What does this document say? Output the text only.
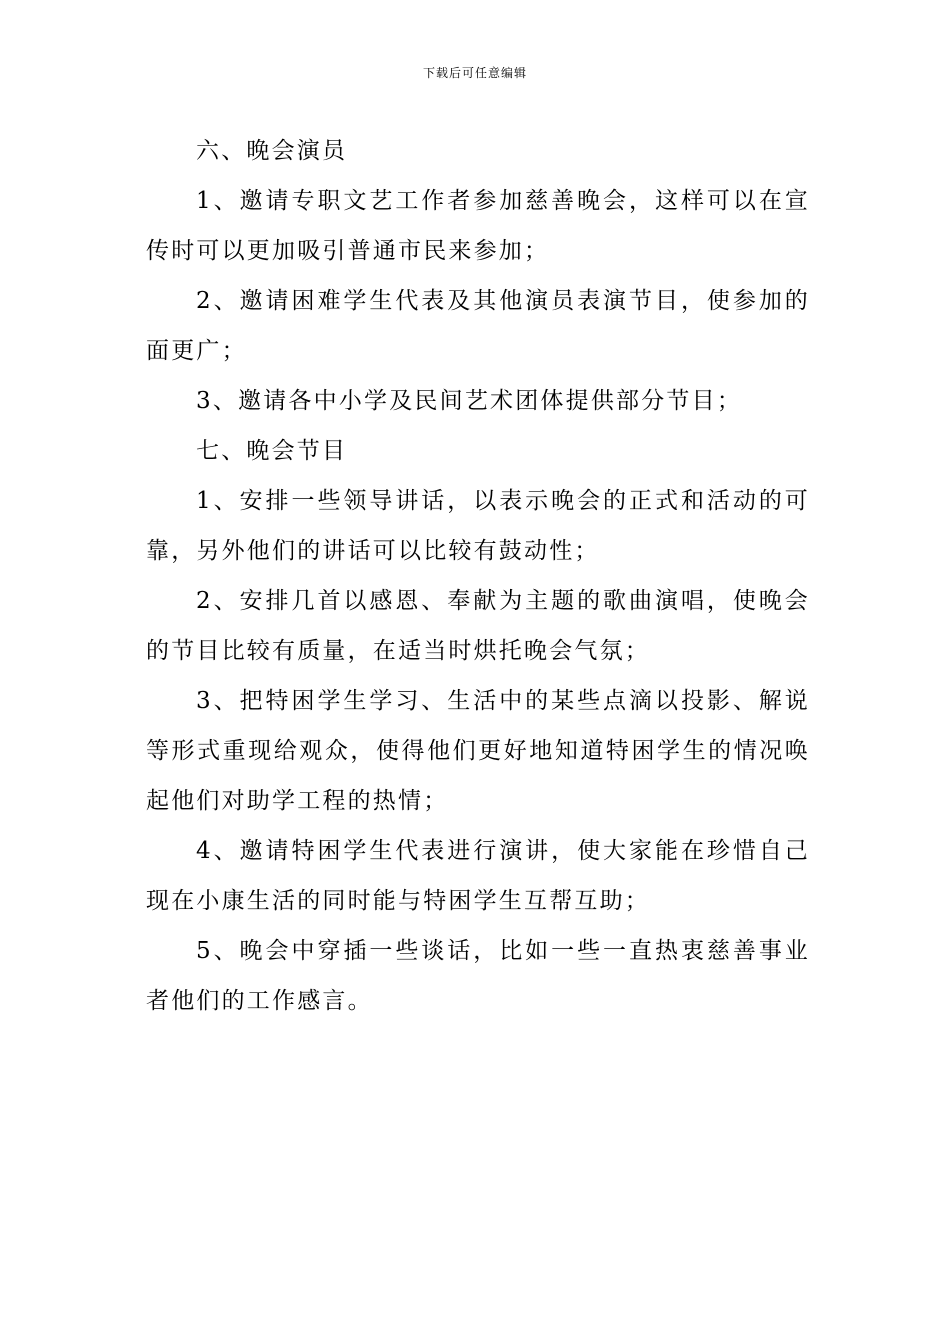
下载后可任意编辑

六、晚会演员

1、邀请专职文艺工作者参加慈善晚会，这样可以在宣传时可以更加吸引普通市民来参加；

2、邀请困难学生代表及其他演员表演节目，使参加的面更广；

3、邀请各中小学及民间艺术团体提供部分节目；

七、晚会节目

1、安排一些领导讲话，以表示晚会的正式和活动的可靠，另外他们的讲话可以比较有鼓动性；

2、安排几首以感恩、奉献为主题的歌曲演唱，使晚会的节目比较有质量，在适当时烘托晚会气氛；

3、把特困学生学习、生活中的某些点滴以投影、解说等形式重现给观众，使得他们更好地知道特困学生的情况唤起他们对助学工程的热情；

4、邀请特困学生代表进行演讲，使大家能在珍惜自己现在小康生活的同时能与特困学生互帮互助；

5、晚会中穿插一些谈话，比如一些一直热衷慈善事业者他们的工作感言。
